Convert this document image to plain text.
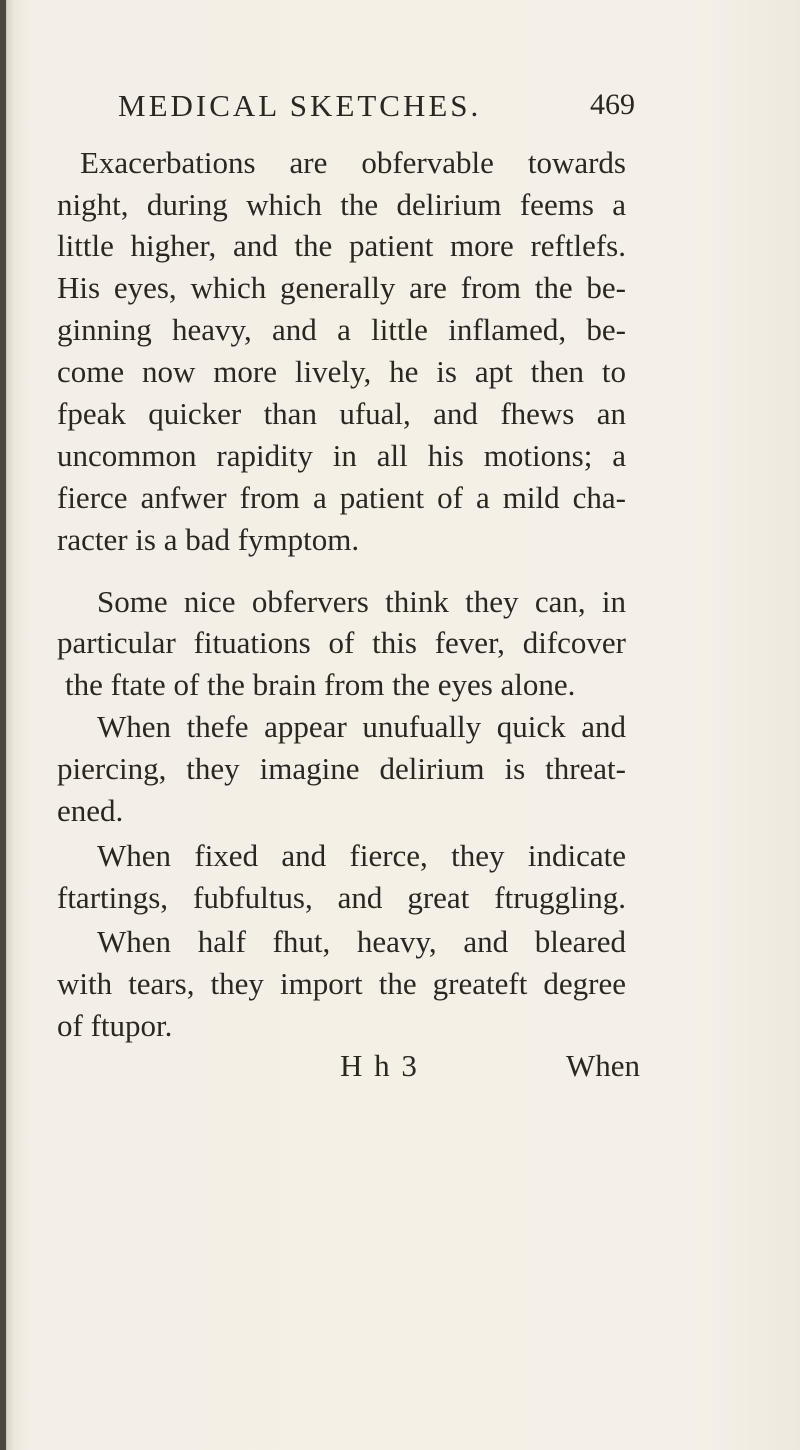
MEDICAL SKETCHES.	469
Exacerbations are obfervable towards
night, during which the delirium feems a
little higher, and the patient more reftlefs.
His eyes, which generally are from the be-
ginning heavy, and a little inflamed, be-
come now more lively, he is apt then to
fpeak quicker than ufual, and fhews an
uncommon rapidity in all his motions; a
fierce anfwer from a patient of a mild cha-
racter is a bad fymptom.
Some nice obfervers think they can, in
particular fituations of this fever, difcover
the ftate of the brain from the eyes alone.
When thefe appear unufually quick and
piercing, they imagine delirium is threat-
ened.
When fixed and fierce, they indicate
ftartings, fubfultus, and great ftruggling.
When half fhut, heavy, and bleared
with tears, they import the greateft degree
of ftupor.
H h 3	When
